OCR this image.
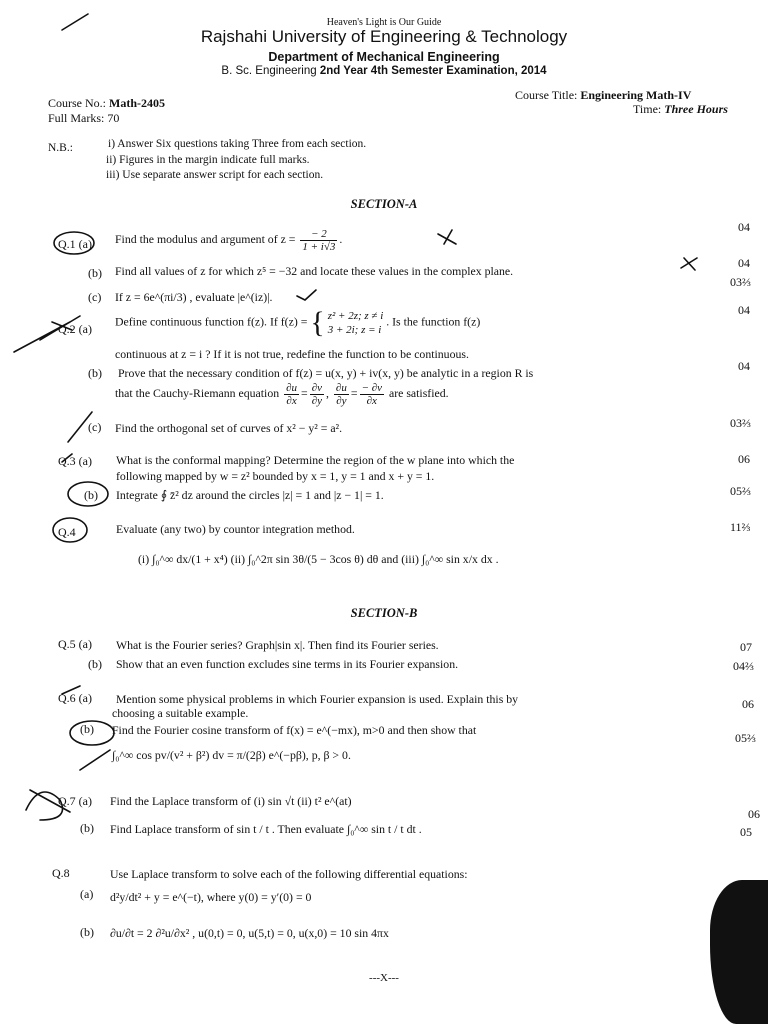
Heaven's Light is Our Guide
Rajshahi University of Engineering & Technology
Department of Mechanical Engineering
B. Sc. Engineering 2nd Year 4th Semester Examination, 2014
Course No.: Math-2405
Full Marks: 70
Course Title: Engineering Math-IV
Time: Three Hours
N.B.:	i) Answer Six questions taking Three from each section.
ii) Figures in the margin indicate full marks.
iii) Use separate answer script for each section.
SECTION-A
Q.1 (a) Find the modulus and argument of $z = \frac{- 2}{1 + i√3}$ .
04
(b) Find all values of z for which z⁵ = −32 and locate these values in the complex plane.
04
(c) If z = 6e^(πi/3) , evaluate |e^(iz)|.
03⅔
Q.2 (a)
Define continuous function f(z). If f(z) = { z² + 2z; z ≠ i
3 + 2i; z = i
. Is the function f(z)
continuous at z = i ? If it is not true, redefine the function to be continuous.
04
(b) Prove that the necessary condition of f(z) = u(x, y) + iv(x, y) be analytic in a region R is
that the Cauchy-Riemann equation $\frac{\partial u}{\partial x} = \frac{\partial v}{\partial y}$ , $\frac{\partial u}{\partial y} = \frac{- \partial v}{\partial x}$ are satisfied.
04
(c) Find the orthogonal set of curves of x² − y² = a².	03⅔
Q.3 (a) What is the conformal mapping? Determine the region of the w plane into which the
following mapped by w = z² bounded by x = 1, y = 1 and x + y = 1.
06
(b) Integrate ∮ z̄² dz around the circles |z| = 1 and |z − 1| = 1.	05⅔
Q.4	Evaluate (any two) by countor integration method.	11⅔
(i) ∫₀^∞ dx/(1 + x⁴) (ii) ∫₀^2π sin 3θ/(5 − 3cos θ) dθ and (iii) ∫₀^∞ sin x/x dx .
SECTION-B
Q.5 (a) What is the Fourier series? Graph|sin x|. Then find its Fourier series.	07
(b) Show that an even function excludes sine terms in its Fourier expansion.	04⅔
Q.6 (a) Mention some physical problems in which Fourier expansion is used. Explain this by
choosing a suitable example.
06
(b) Find the Fourier cosine transform of f(x) = e^(−mx), m>0 and then show that
∫₀^∞ cos pv/(v² + β²) dv = π/(2β) e^(−pβ), p, β > 0.
05⅔
Q.7 (a) Find the Laplace transform of (i) sin √t (ii) t² e^(at)
06
(b) Find Laplace transform of sin t / t . Then evaluate ∫₀^∞ sin t / t dt .	05
Q.8	Use Laplace transform to solve each of the following differential equations:
(a) d²y/dt² + y = e^(−t), where y(0) = y′(0) = 0
(b) ∂u/∂t = 2 ∂²u/∂x² , u(0,t) = 0, u(5,t) = 0, u(x,0) = 10 sin 4πx
---X---
